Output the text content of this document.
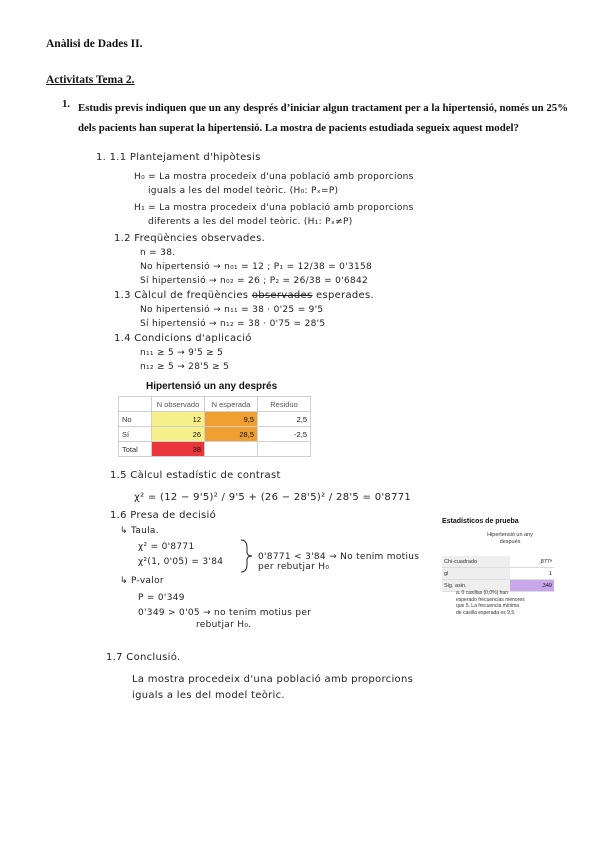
Anàlisi de Dades II.
Activitats Tema 2.
1. Estudis previs indiquen que un any després d’iniciar algun tractament per a la hipertensió, només un 25% dels pacients han superat la hipertensió. La mostra de pacients estudiada segueix aquest model?
1. 1.1 Plantejament d'hipòtesis
H₀ = La mostra procedeix d'una població amb proporcions
iguals a les del model teòric. (H₀: Pₓ=P)
H₁ = La mostra procedeix d'una població amb proporcions
diferents a les del model teòric. (H₁: Pₓ≠P)
1.2 Freqüències observades.
n = 38.
No hipertensió → n₀₁ = 12 ; P₁ = 12/38 = 0'3158
Sí hipertensió → n₀₂ = 26 ; P₂ = 26/38 = 0'6842
1.3 Càlcul de freqüències observades esperades.
No hipertensió → n₁₁ = 38 · 0'25 = 9'5
Sí hipertensió → n₁₂ = 38 · 0'75 = 28'5
1.4 Condicions d'aplicació
n₁₁ ≥ 5 → 9'5 ≥ 5
n₁₂ ≥ 5 → 28'5 ≥ 5
Hipertensió un any després
	N observado	N esperada	Residuo
No	12	9,5	2,5
Sí	26	28,5	-2,5
Total	38		
1.5 Càlcul estadístic de contrast
χ² = (12 − 9'5)² / 9'5 + (26 − 28'5)² / 28'5 = 0'8771
1.6 Presa de decisió
↳ Taula.
χ² = 0'8771
χ²(1, 0'05) = 3'84	0'8771 < 3'84 → No tenim motius per rebutjar H₀
↳ P-valor
P = 0'349
0'349 > 0'05 → no tenim motius per
rebutjar H₀.
Estadísticos de prueba
Hipertensió un any después
Chi-cuadrado	,877ᵃ
gl	1
Sig. asin.	,349
a. 0 casillas (0,0%) han esperado frecuencias menores que 5. La frecuencia mínima de casilla esperada es 9,5.
1.7 Conclusió.
La mostra procedeix d'una població amb proporcions
iguals a les del model teòric.
